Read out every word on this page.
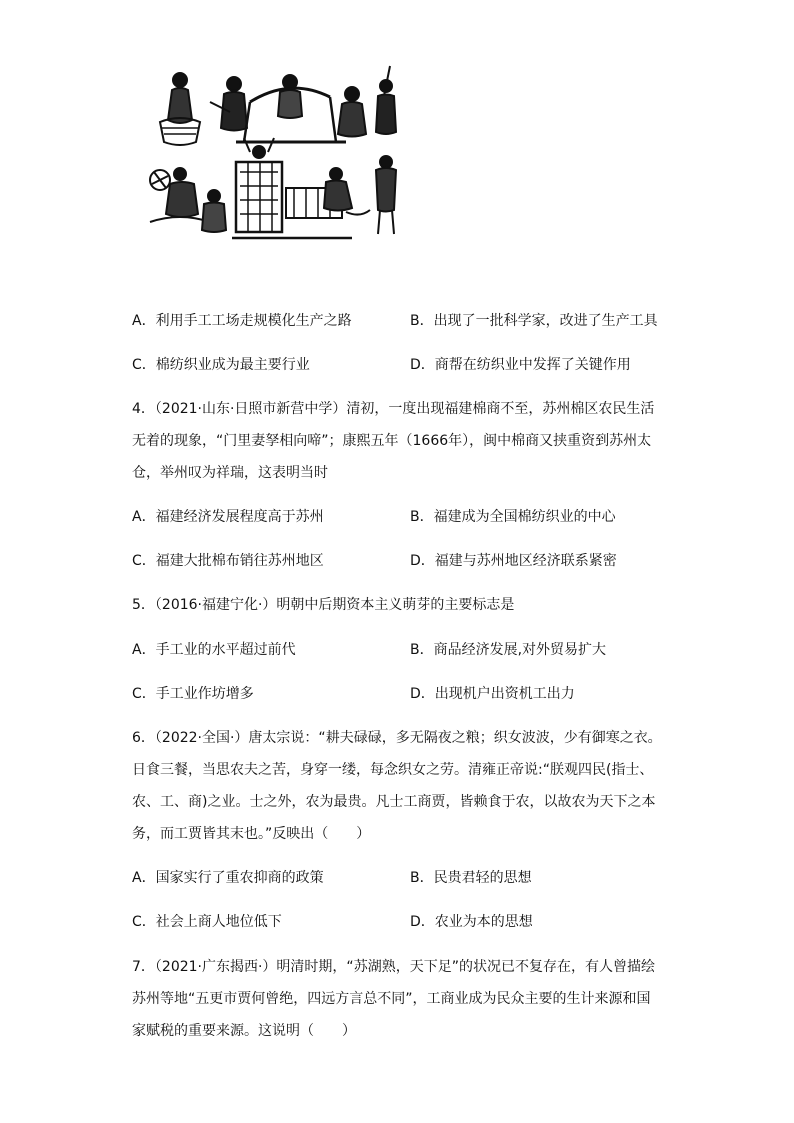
A．利用手工工场走规模化生产之路	B．出现了一批科学家，改进了生产工具
C．棉纺织业成为最主要行业	D．商帮在纺织业中发挥了关键作用
4．（2021·山东·日照市新营中学）清初，一度出现福建棉商不至，苏州棉区农民生活
无着的现象，“门里妻孥相向啼”；康熙五年（1666年），闽中棉商又挟重资到苏州太
仓，举州叹为祥瑞，这表明当时
A．福建经济发展程度高于苏州	B．福建成为全国棉纺织业的中心
C．福建大批棉布销往苏州地区	D．福建与苏州地区经济联系紧密
5．（2016·福建宁化·）明朝中后期资本主义萌芽的主要标志是
A．手工业的水平超过前代	B．商品经济发展,对外贸易扩大
C．手工业作坊增多	D．出现机户出资机工出力
6．（2022·全国·）唐太宗说：“耕夫碌碌，多无隔夜之粮；织女波波，少有御寒之衣。
日食三餐，当思农夫之苦，身穿一缕，每念织女之劳。清雍正帝说:“朕观四民(指士、
农、工、商)之业。士之外，农为最贵。凡士工商贾，皆赖食于农，以故农为天下之本
务，而工贾皆其末也。”反映出（　　）
A．国家实行了重农抑商的政策	B．民贵君轻的思想
C．社会上商人地位低下	D．农业为本的思想
7．（2021·广东揭西·）明清时期，“苏湖熟，天下足”的状况已不复存在，有人曾描绘
苏州等地“五更市贾何曾绝，四远方言总不同”，工商业成为民众主要的生计来源和国
家赋税的重要来源。这说明（　　）
